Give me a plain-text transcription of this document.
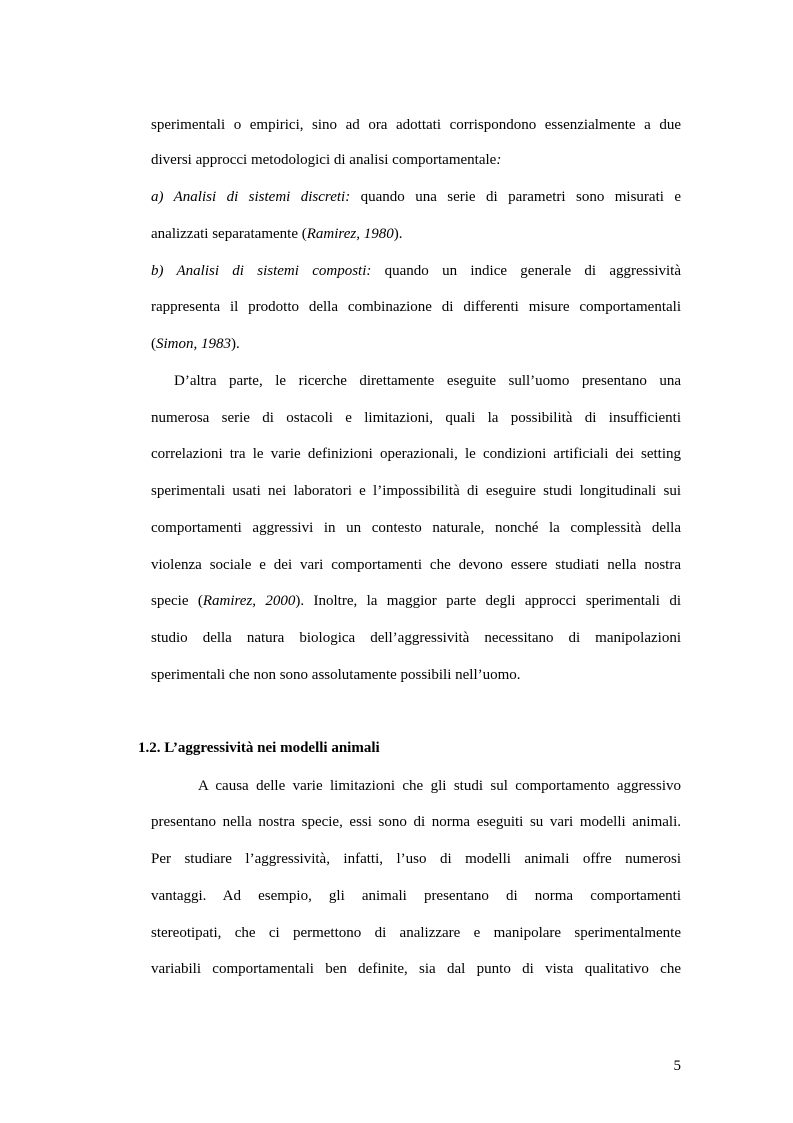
sperimentali o empirici, sino ad ora adottati corrispondono essenzialmente a due
diversi approcci metodologici di analisi comportamentale:
a) Analisi di sistemi discreti: quando una serie di parametri sono misurati e
analizzati separatamente (Ramirez, 1980).
b) Analisi di sistemi composti: quando un indice generale di aggressività
rappresenta il prodotto della combinazione di differenti misure comportamentali
(Simon, 1983).
D’altra parte, le ricerche direttamente eseguite sull’uomo presentano una
numerosa serie di ostacoli e limitazioni, quali la possibilità di insufficienti
correlazioni tra le varie definizioni operazionali, le condizioni artificiali dei setting
sperimentali usati nei laboratori e l’impossibilità di eseguire studi longitudinali sui
comportamenti aggressivi in un contesto naturale, nonché la complessità della
violenza sociale e dei vari comportamenti che devono essere studiati nella nostra
specie (Ramirez, 2000). Inoltre, la maggior parte degli approcci sperimentali di
studio della natura biologica dell’aggressività necessitano di manipolazioni
sperimentali che non sono assolutamente possibili nell’uomo.
1.2. L’aggressività nei modelli animali
A causa delle varie limitazioni che gli studi sul comportamento aggressivo
presentano nella nostra specie, essi sono di norma eseguiti su vari modelli animali.
Per studiare l’aggressività, infatti, l’uso di modelli animali offre numerosi
vantaggi. Ad esempio, gli animali presentano di norma comportamenti
stereotipati, che ci permettono di analizzare e manipolare sperimentalmente
variabili comportamentali ben definite, sia dal punto di vista qualitativo che
5
